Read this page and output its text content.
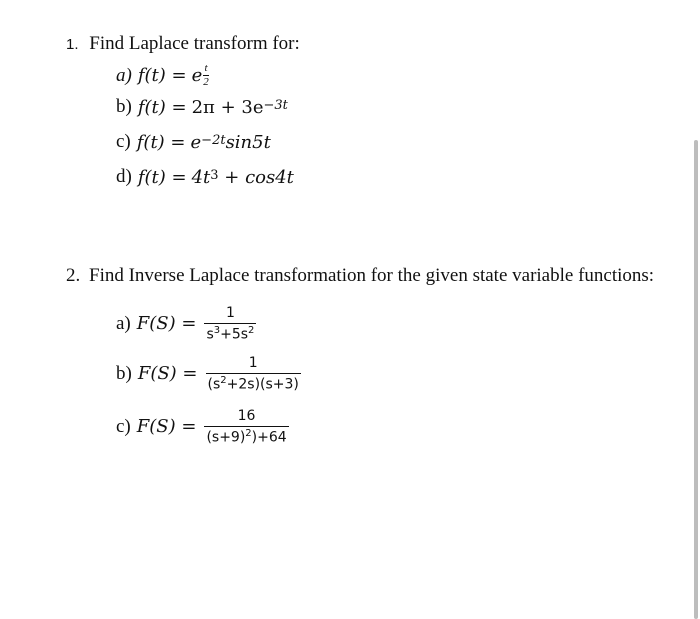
1. Find Laplace transform for:
a) f(t) = e $\frac{t}{2}$
b) $f(t) = 2\pi + 3e^{-3t}$
c) $f(t) = e^{-2t}$ sin5t
d) $f(t) = 4t^3 + \cos 4t$
2. Find Inverse Laplace transformation for the given state variable functions:
a) $F(S) = \frac{1}{s^3+5s^2}$
b) $F(S) = \frac{1}{(s^2+2s)(s+3)}$
c) $F(S) = \frac{16}{(s+9)^2)+64}$
